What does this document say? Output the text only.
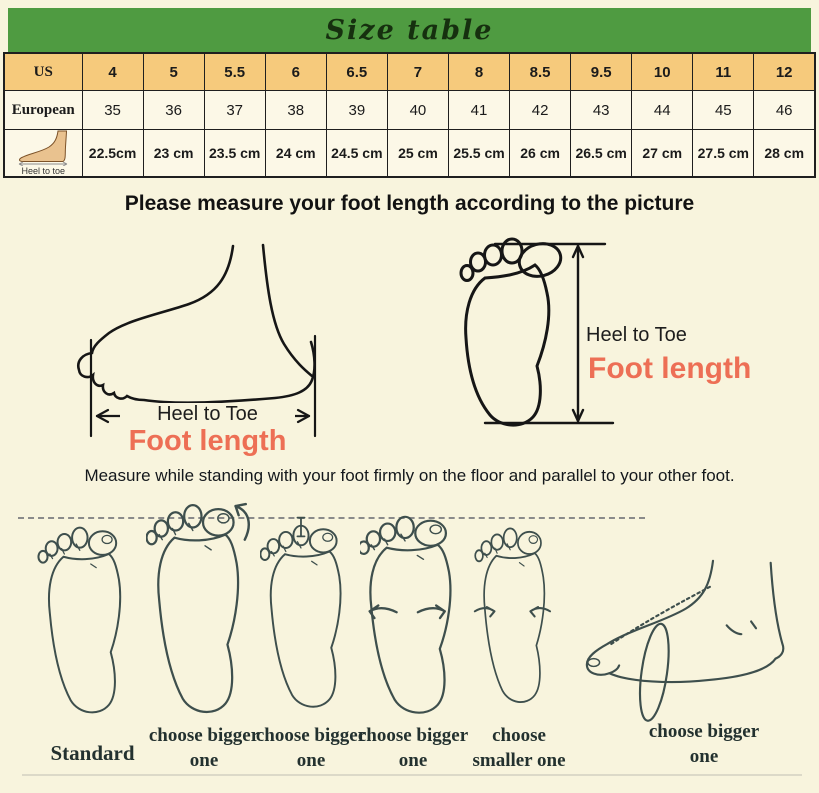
Size table
US	4	5	5.5	6	6.5	7	8	8.5	9.5	10	11	12
European	35	36	37	38	39	40	41	42	43	44	45	46

Heel to toe	22.5cm	23 cm	23.5 cm	24 cm	24.5 cm	25 cm	25.5 cm	26 cm	26.5 cm	27 cm	27.5 cm	28 cm
Please measure your foot length according to the picture
Heel to Toe
Foot length
Heel to Toe
Foot length
Measure while standing with your foot firmly on the floor and parallel to your other foot.
Standard
choose bigger one
choose bigger one
choose bigger one
choose smaller one
choose bigger one
